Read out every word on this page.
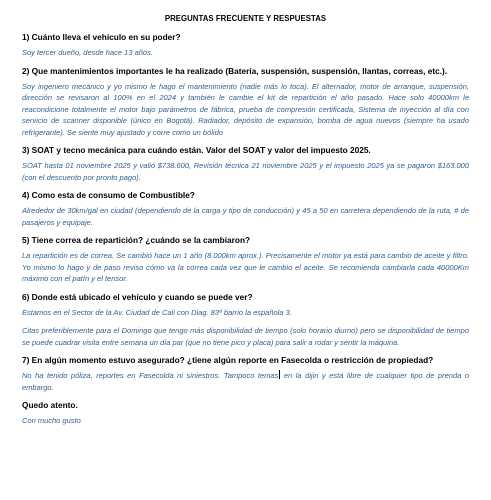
PREGUNTAS FRECUENTE Y RESPUESTAS
1) Cuánto lleva el vehículo en su poder?
Soy tercer dueño, desde hace 13 años.
2) Que mantenimientos importantes le ha realizado (Batería, suspensión, suspensión, llantas, correas, etc.).
Soy ingeniero mecánico y yo mismo le hago el mantenimiento (nadie más lo toca). El alternador, motor de arranque, suspensión, dirección se revisaron al 100% en el 2024 y también le cambie el kit de repartición el año pasado. Hace solo 40000km le reacondicione totalmente el motor bajo parámetros de fábrica, prueba de compresión certificada, Sistema de inyección al día con servicio de scanner disponible (único en Bogotá). Radiador, depósito de expansión, bomba de agua nuevos (siempre ha usado refrigerante). Se siente muy ajustado y corre como un bólido
3) SOAT y tecno mecánica para cuándo están. Valor del SOAT y valor del impuesto 2025.
SOAT hasta 01 noviembre 2025 y valió $738.600, Revisión técnica 21 noviembre 2025 y el impuesto 2025 ya se pagaron $163.000 (con el descuento por pronto pago).
4) Como esta de consumo de Combustible?
Alrededor de 30km/gal en ciudad (dependiendo de la carga y tipo de conducción) y 45 a 50 en carretera dependiendo de la ruta, # de pasajeros y equipaje.
5) Tiene correa de repartición? ¿cuándo se la cambiaron?
La repartición es de correa. Se cambió hace un 1 año (8.000km aprox.). Precisamente el motor ya está para cambio de aceite y filtro. Yo mismo lo hago y de paso reviso cómo va la correa cada vez que le cambio el aceite. Se recomienda cambiarla cada 40000Km máximo con el patín y el tensor.
6) Donde está ubicado el vehículo y cuando se puede ver?
Estamos en el Sector de la Av. Ciudad de Cali con Diag. 83ª barrio la española 3.
Citas preferiblemente para el Domingo que tengo más disponibilidad de tiempo (solo horario diurno) pero se disponibilidad de tiempo se puede cuadrar visita entre semana un día par (que no tiene pico y placa) para salir a rodar y sentir la máquina.
7) En algún momento estuvo asegurado? ¿tiene algún reporte en Fasecolda o restricción de propiedad?
No ha tenido póliza, reportes en Fasecolda ni siniestros. Tampoco temas en la dijin y está libre de cualquier tipo de prenda o embargo.
Quedo atento.
Con mucho gusto
